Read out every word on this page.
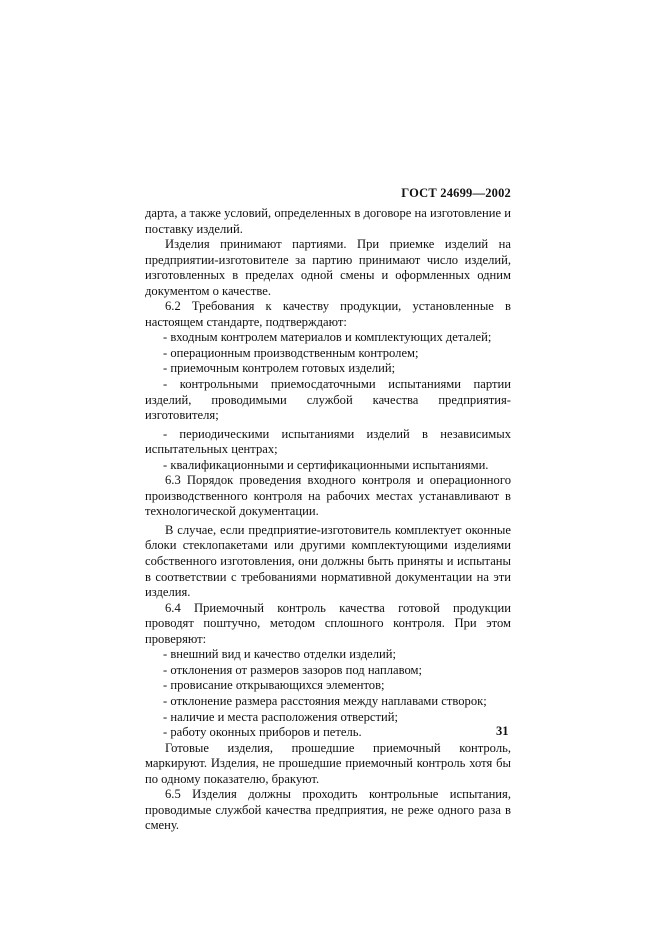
ГОСТ 24699—2002

дарта, а также условий, определенных в договоре на изготовление и поставку изделий.

Изделия принимают партиями. При приемке изделий на предприятии-изготовителе за партию принимают число изделий, изготовленных в пределах одной смены и оформленных одним документом о качестве.

6.2 Требования к качеству продукции, установленные в настоящем стандарте, подтверждают:

- входным контролем материалов и комплектующих деталей;

- операционным производственным контролем;

- приемочным контролем готовых изделий;

- контрольными приемосдаточными испытаниями партии изделий, проводимыми службой качества предприятия-изготовителя;

- периодическими испытаниями изделий в независимых испытательных центрах;

- квалификационными и сертификационными испытаниями.

6.3 Порядок проведения входного контроля и операционного производственного контроля на рабочих местах устанавливают в технологической документации.

В случае, если предприятие-изготовитель комплектует оконные блоки стеклопакетами или другими комплектующими изделиями собственного изготовления, они должны быть приняты и испытаны в соответствии с требованиями нормативной документации на эти изделия.

6.4 Приемочный контроль качества готовой продукции проводят поштучно, методом сплошного контроля. При этом проверяют:

- внешний вид и качество отделки изделий;

- отклонения от размеров зазоров под наплавом;

- провисание открывающихся элементов;

- отклонение размера расстояния между наплавами створок;

- наличие и места расположения отверстий;

- работу оконных приборов и петель.

Готовые изделия, прошедшие приемочный контроль, маркируют. Изделия, не прошедшие приемочный контроль хотя бы по одному показателю, бракуют.

6.5 Изделия должны проходить контрольные испытания, проводимые службой качества предприятия, не реже одного раза в смену.

31
